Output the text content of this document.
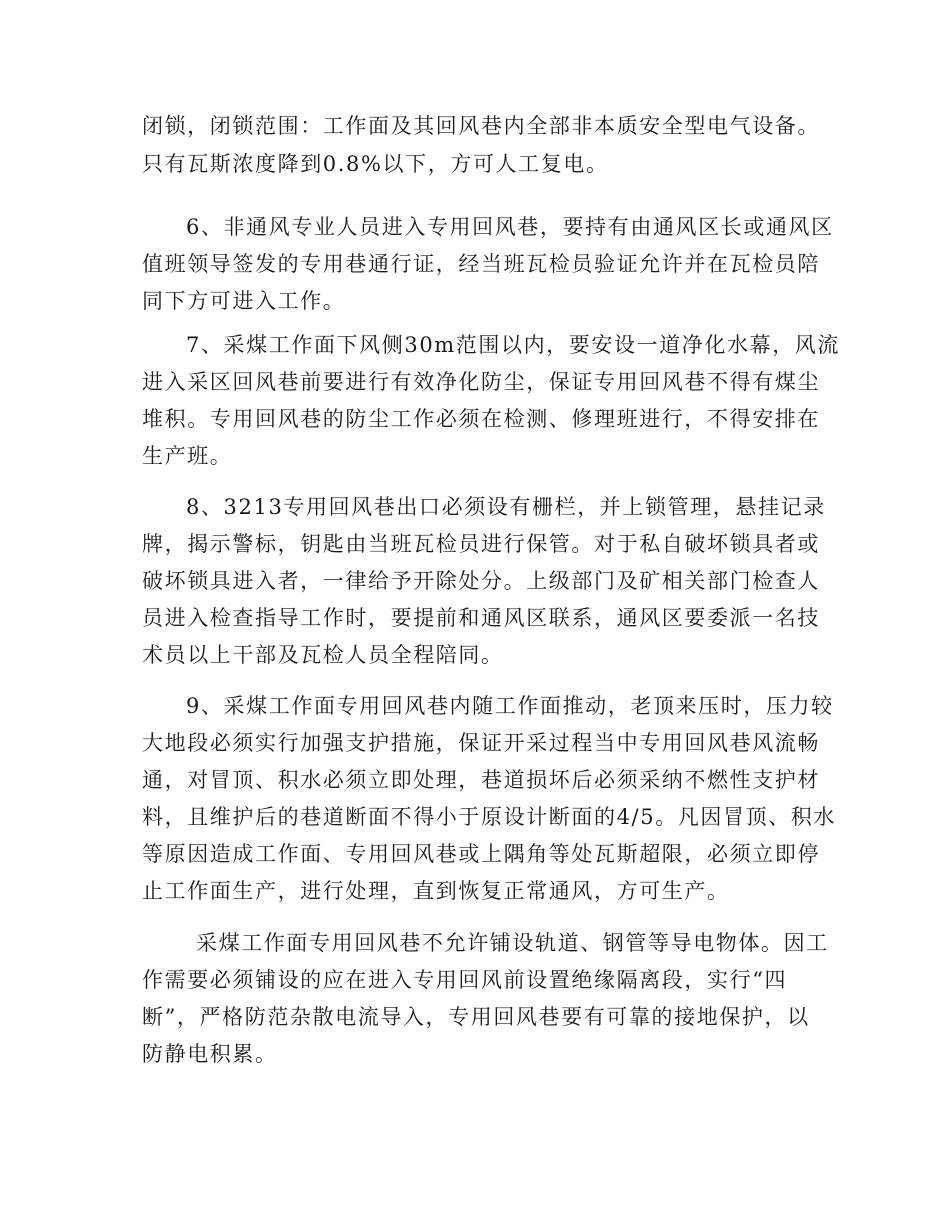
闭锁，闭锁范围：工作面及其回风巷内全部非本质安全型电气设备。
只有瓦斯浓度降到0.8%以下，方可人工复电。
6、非通风专业人员进入专用回风巷，要持有由通风区长或通风区
值班领导签发的专用巷通行证，经当班瓦检员验证允许并在瓦检员陪
同下方可进入工作。
7、采煤工作面下风侧30m范围以内，要安设一道净化水幕，风流
进入采区回风巷前要进行有效净化防尘，保证专用回风巷不得有煤尘
堆积。专用回风巷的防尘工作必须在检测、修理班进行，不得安排在
生产班。
8、3213专用回风巷出口必须设有栅栏，并上锁管理，悬挂记录
牌，揭示警标，钥匙由当班瓦检员进行保管。对于私自破坏锁具者或
破坏锁具进入者，一律给予开除处分。上级部门及矿相关部门检查人
员进入检查指导工作时，要提前和通风区联系，通风区要委派一名技
术员以上干部及瓦检人员全程陪同。
9、采煤工作面专用回风巷内随工作面推动，老顶来压时，压力较
大地段必须实行加强支护措施，保证开采过程当中专用回风巷风流畅
通，对冒顶、积水必须立即处理，巷道损坏后必须采纳不燃性支护材
料，且维护后的巷道断面不得小于原设计断面的4/5。凡因冒顶、积水
等原因造成工作面、专用回风巷或上隅角等处瓦斯超限，必须立即停
止工作面生产，进行处理，直到恢复正常通风，方可生产。
采煤工作面专用回风巷不允许铺设轨道、钢管等导电物体。因工
作需要必须铺设的应在进入专用回风前设置绝缘隔离段，实行“四
断”，严格防范杂散电流导入，专用回风巷要有可靠的接地保护，以
防静电积累。
